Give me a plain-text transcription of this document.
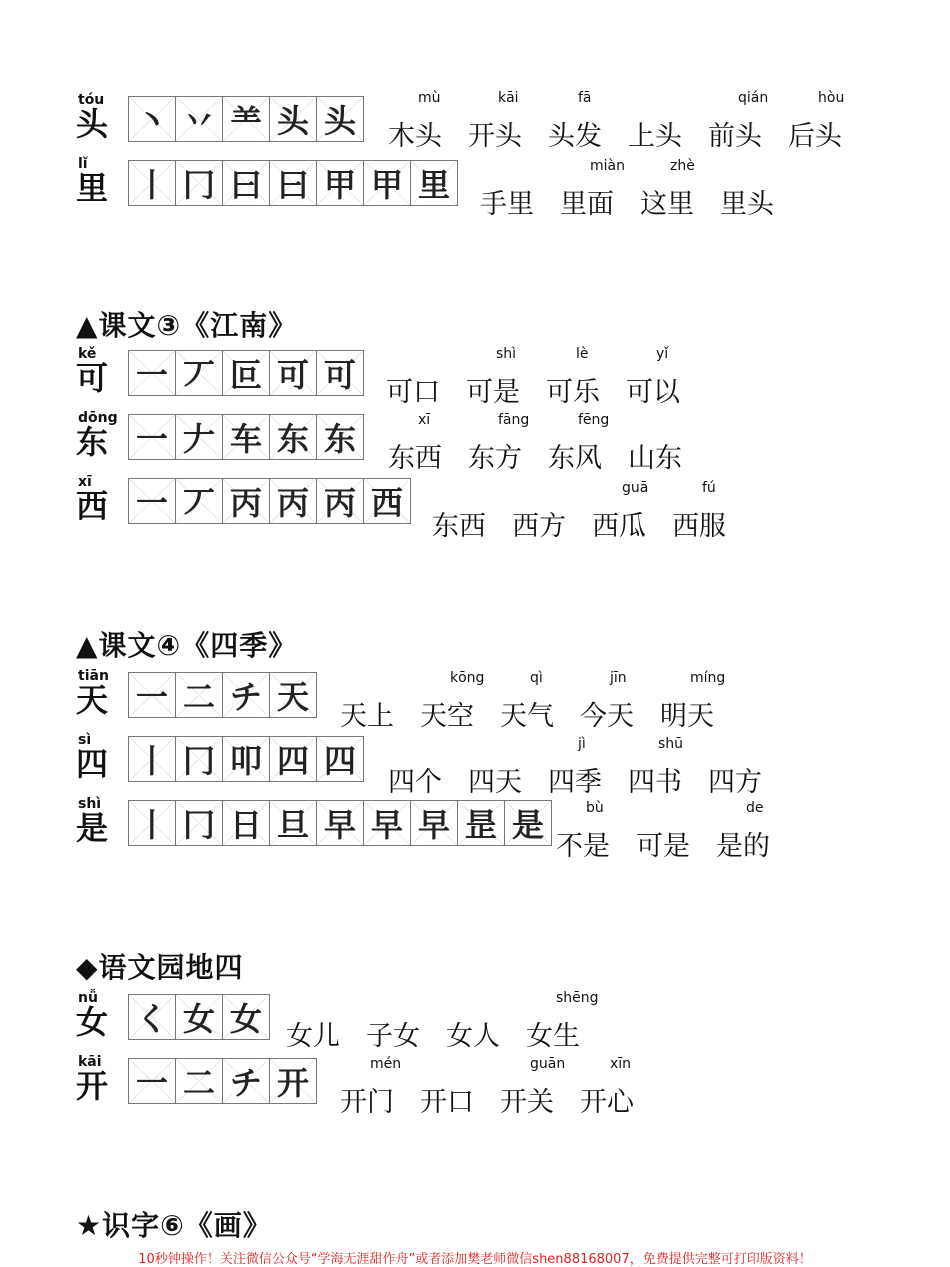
▲课文③《江南》
▲课文④《四季》
◆语文园地四
★识字⑥《画》
tóu
头 丶 丷 ⺷ 头 头 木头
mù
开头
kāi
头发
fā
上头 前头
qián
后头
hòu
lǐ
里 丨 冂 曰 曰 甲 甲 里
手里 里面
miàn
这里
zhè
里头
kě
可 一 丆 叵 可 可 可口 可是
shì
可乐
lè
可以
yǐ
dōng
东 一 𠂇 车 东 东
东西
xī
东方
fāng
东风
fēng
山东
xī
西 一 丆 丙 丙 丙 西
东西 西方 西瓜
guā
西服
fú
tiān
天 一 二 チ 天
天上 天空
kōng
天气
qì
今天
jīn
明天
míng
sì
四 丨 冂 叩 四 四
四个 四天 四季
jì
四书
shū
四方
shì
是 丨 冂 日 旦 早 早 早 昰 是
不是
bù
可是 是的
de
nǚ
女 く 女 女 女儿 子女 女人 女生
shēng
kāi
开 一 二 チ 开
开门
mén
开口 开关
guān
开心
xīn
10秒钟操作！关注微信公众号“学海无涯甜作舟”或者添加樊老师微信shen88168007，免费提供完整可打印版资料！
